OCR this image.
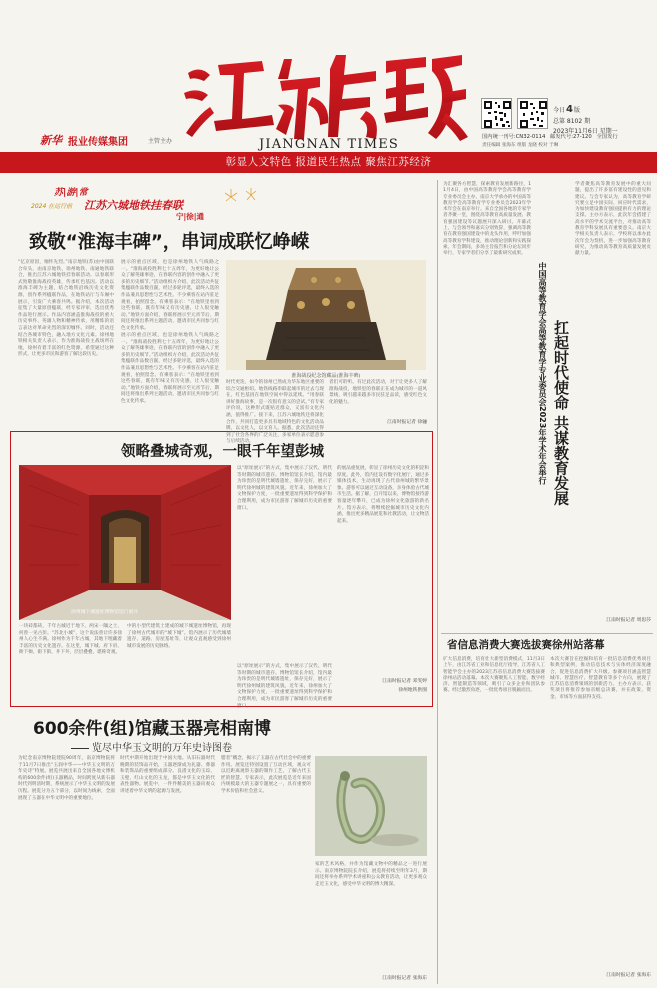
新华 报业传媒集团	主管主办	JIANGNAN TIMES
今日4版
总第 8102 期
2023年11月6日 星期一
国内统一刊号:CN32-0114 邮发代号:27-120 全国发行
责任编辑 张海东 组版 龙晓 校对 于琳
彰显人文特色 报道民生热点 聚焦江苏经济
苏|游|常
2024 在运行前 江苏六城地铁挂春联
宁|徐|通
致敬“淮海丰碑”，串词成联忆峥嵘
“亿京原因，缅怀先烈。”南京地铁(苏)由中国联合牵头，由南京地铁、徐州地铁、南通地铁联合，推出江苏六城地铁挂春联活动。以春联形式致敬淮海战役英雄，传承红色基因。活动以淮海丰碑为主题，结合地铁沿线历史文化资源，创作系列楹联作品，在地铁站厅与车厢中展示，引发广大乘客共鸣。据介绍，本次活动征集了大量原创楹联，经专家评审，选出优秀作品进行展示。作品内容涵盖淮海战役的重大历史事件、英雄人物和精神传承，用精炼的语言表达对革命先烈的深切缅怀。同时，活动还结合各城市特色，融入地方文化元素。徐州地铁相关负责人表示，作为淮海战役主战场所在地，徐州有着丰富的红色资源，希望通过这种形式，让更多市民和游客了解这段历史。
展示的重点区域，也是徐州地铁人气线路之一。“淮海战役胜利七十五周年，为更好地让公众了解英雄事迹，在春联内容的创作中融入了更多的历史细节。”活动组织方介绍，此次活动共征集楹联作品数百副，经过多轮评选，最终入选的作品兼具思想性与艺术性。不少乘客在站内驻足观看，拍照留念。有乘客表示：“在地铁里看到这些春联，既有年味又有历史感，让人很受触动。”地铁方面介绍，春联将展示至元宵节后，期间还将推出系列主题活动，邀请市民共同参与红色文化传承。
淮海战役纪念馆藏品(淮海丰碑)
展示的重点区域，也是徐州地铁人气线路之一。“淮海战役胜利七十五周年，为更好地让公众了解英雄事迹，在春联内容的创作中融入了更多的历史细节。”活动组织方介绍，此次活动共征集楹联作品数百副，经过多轮评选，最终入选的作品兼具思想性与艺术性。不少乘客在站内驻足观看，拍照留念。有乘客表示：“在地铁里看到这些春联，既有年味又有历史感，让人很受触动。”地铁方面介绍，春联将展示至元宵节后，期间还将推出系列主题活动，邀请市民共同参与红色文化传承。
时代更迭，如今的徐州已然成为华东地区重要的综合交通枢纽。地铁线路串联起城市的过去与现在，红色基因在地铁空间中得以延续。“用春联讲好淮海故事，是一次很有意义的尝试。”有专家评价说，这种形式既贴近群众，又富有文化内涵，值得推广。接下来，江苏六城地铁还将深化合作，共同打造更多具有地域特色的文化活动品牌，以文化人，以文育人。据悉，此次活动还得到了社会各界的广泛关注，多家单位表示愿意参与后续活动。
者们可聆听。有过此次活动，对于让更多人了解淮海战役，地铁里的春联正在成为城市的一道风景线，吸引越来越多市民驻足品读，感受红色文化的魅力。
江南时报记者 徐骊
领略叠城奇观，一眼千年望彭城
徐州城下城遗址博物馆馆门展开
以“原址展示”的方式，集中展示了汉代、明代等时期的城市遗存。博物馆馆长介绍，馆内最为珍贵的是明代城墙遗址，保存完好，展示了明代徐州城的建筑风貌。近年来，徐州加大了文物保护力度，一批重要遗址得到科学保护和合理利用，成为市民游客了解城市历史的重要窗口。
的展品重复展，彰显了徐州历史文化的积淀和厚度。此外，馆内还设有数字化展厅，通过多媒体技术，生动再现了古代徐州城的繁华景象。游客可以通过互动设备，亲身体验古代城市生活。据了解，自开馆以来，博物馆接待游客量逐年攀升，已成为徐州文化旅游的新名片。馆方表示，将继续挖掘城市历史文化内涵，推出更多精品展览和社教活动，让文物活起来。
一块砖都砖，千年古城近于地下。两宋一隅之土，何曾一见古彭。“苏北小城”，这个说法曾让许多徐州人心生不满。徐州作为千年古城，其地下埋藏着丰富的历史文化遗存。在这里，城下城、府下府、衙下衙、街下街、井下井，层层叠叠，堪称奇观。
中的小型代建筑土建成的城下城遗址博物馆，再现了徐州古代城市的“城下城”。馆内展示了历代城墙遗存、道路、房屋基址等，让观众直观感受到徐州城市发展的历史脉络。
以“原址展示”的方式，集中展示了汉代、明代等时期的城市遗存。博物馆馆长介绍，馆内最为珍贵的是明代城墙遗址，保存完好，展示了明代徐州城的建筑风貌。近年来，徐州加大了文物保护力度，一批重要遗址得到科学保护和合理利用，成为市民游客了解城市历史的重要窗口。
江南时报记者 邓雯婷
徐州地铁供图
600余件(组)馆藏玉器亮相南博
览尽中华玉文明的万年史诗图卷
为纪念南京博物院建院90周年，南京博物院将于11月7日推出“玉润中华——中华玉文明的万年史诗”特展。展览共展出来自全国各地文博机构的600余件(组)玉器精品，时间跨度从新石器时代到明清时期，系统展示了中华玉文明的发展历程。展览分为五个部分，以时间为线索，全面展现了玉器在中华文明中的重要地位。
时代中期开始出现于中国大地。从旧石器时代晚期的装饰品开始，玉器逐渐成为礼器、葬器和装饰品的重要组成部分。良渚文化的玉琮、玉璧，红山文化的玉龙，都是中华玉文化的代表性器物。展览中，一件件精美的玉器向观众讲述着中华文明的起源与发展。
腊者”概念，揭示了玉器在古代社会中的重要作用。展览还特别设置了互动区域，观众可以近距离观察玉器的制作工艺，了解古代玉匠的智慧。专家表示，此次展览是近年来国内规模最大的玉器专题展之一，具有重要的学术价值和社会意义。
家的艺术风格，并作为馆藏文物中的精品之一进行展示。南京博物院院长介绍，展览将持续至明年3月，期间还将举办系列学术讲座和公众教育活动，让更多观众走近玉文化，感受中华文明的博大精深。
江南时报记者 张海东
为汇聚各方智慧，探索教育发展新路径，11月4日，由中国高等教育学会高等教育学专业委员会主办、南京大学承办的中国高等教育学会高等教育学专业委员会2023年学术年会在南京举行。来自全国各地的专家学者齐聚一堂，围绕高等教育高质量发展、教育强国建设等议题展开深入研讨。开幕式上，与会领导和嘉宾分别致辞，强调高等教育在教育强国建设中的龙头作用，呼吁加强高等教育学科建设，推动理论创新和实践探索。年会期间，多场主旨报告和分论坛同步举行，专家学者们分享了最新研究成果。
中国高等教育学会高等教育学专业委员会2023年学术年会举行 扛起时代使命 共谋教育发展
学者聚焦高等教育发展中的重大问题，提出了许多富有建设性的意见和建议。与会专家认为，高等教育学研究要立足中国实际，回应时代需求，为加快建设教育强国提供有力的理论支撑。主办方表示，此次年会搭建了高水平的学术交流平台，对推动高等教育学科发展具有重要意义。南京大学相关负责人表示，学校将以承办此次年会为契机，进一步加强高等教育研究，为推动高等教育高质量发展贡献力量。
江南时报记者 周思莎
省信息消费大赛选拔赛徐州站落幕
扩大信息消费，培育壮大新型消费模式，11月3日上午，由江苏省工业和信息化厅指导，江苏省人工智能学会主办的2023江苏省信息消费大赛选拔赛徐州站活动落幕。本次大赛聚焦人工智能、数字经济、智能制造等领域，吸引了众多企业和团队参赛。经过激烈角逐，一批优秀项目脱颖而出。
本次大赛旨在挖掘和培育一批信息消费优秀项目和典型案例，推动信息技术与实体经济深度融合，促进信息消费扩大升级。参赛项目涵盖智慧城市、智慧医疗、智慧教育等多个方向，展现了江苏信息消费领域的创新活力。主办方表示，获奖项目将推荐参加省级总决赛，并在政策、资金、市场等方面获得支持。
江南时报记者 张海东
